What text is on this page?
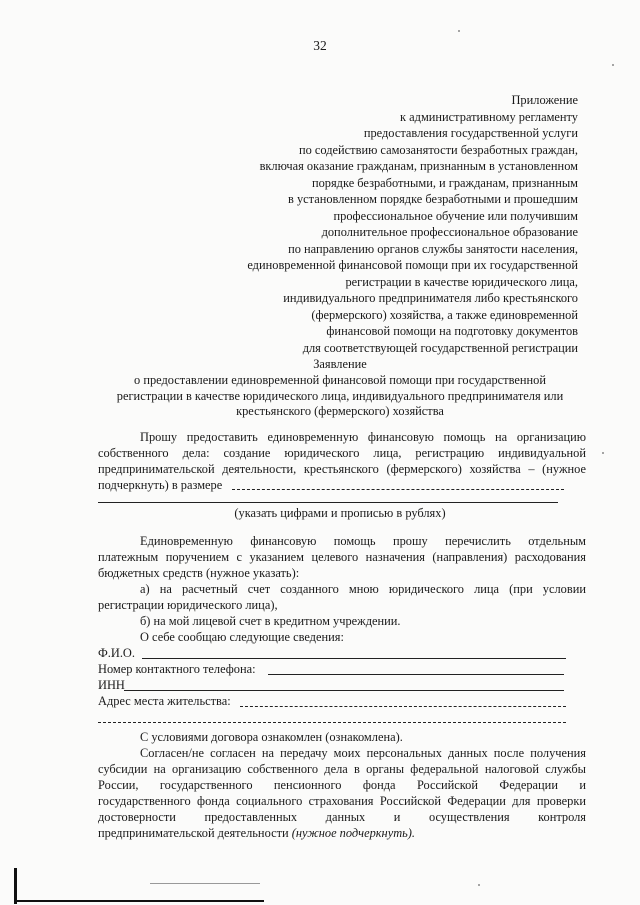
32
Приложение
к административному регламенту
предоставления государственной услуги
по содействию самозанятости безработных граждан,
включая оказание гражданам, признанным в установленном
порядке безработными, и гражданам, признанным
в установленном порядке безработными и прошедшим
профессиональное обучение или получившим
дополнительное профессиональное образование
по направлению органов службы занятости населения,
единовременной финансовой помощи при их государственной
регистрации в качестве юридического лица,
индивидуального предпринимателя либо крестьянского
(фермерского) хозяйства, а также единовременной
финансовой помощи на подготовку документов
для соответствующей государственной регистрации
Заявление
о предоставлении единовременной финансовой помощи при государственной
регистрации в качестве юридического лица, индивидуального предпринимателя или
крестьянского (фермерского) хозяйства
Прошу предоставить единовременную финансовую помощь на организацию
собственного дела: создание юридического лица, регистрацию индивидуальной
предпринимательской деятельности, крестьянского (фермерского) хозяйства – (нужное
подчеркнуть) в размере
(указать цифрами и прописью в рублях)
Единовременную финансовую помощь прошу перечислить отдельным
платежным поручением с указанием целевого назначения (направления) расходования
бюджетных средств (нужное указать):
а) на расчетный счет созданного мною юридического лица (при условии
регистрации юридического лица),
б) на мой лицевой счет в кредитном учреждении.
О себе сообщаю следующие сведения:
Ф.И.О.
Номер контактного телефона:
ИНН
Адрес места жительства:
С условиями договора ознакомлен (ознакомлена).
Согласен/не согласен на передачу моих персональных данных после получения
субсидии на организацию собственного дела в органы федеральной налоговой службы
России, государственного пенсионного фонда Российской Федерации и
государственного фонда социального страхования Российской Федерации для проверки
достоверности предоставленных данных и осуществления контроля
предпринимательской деятельности (нужное подчеркнуть).
